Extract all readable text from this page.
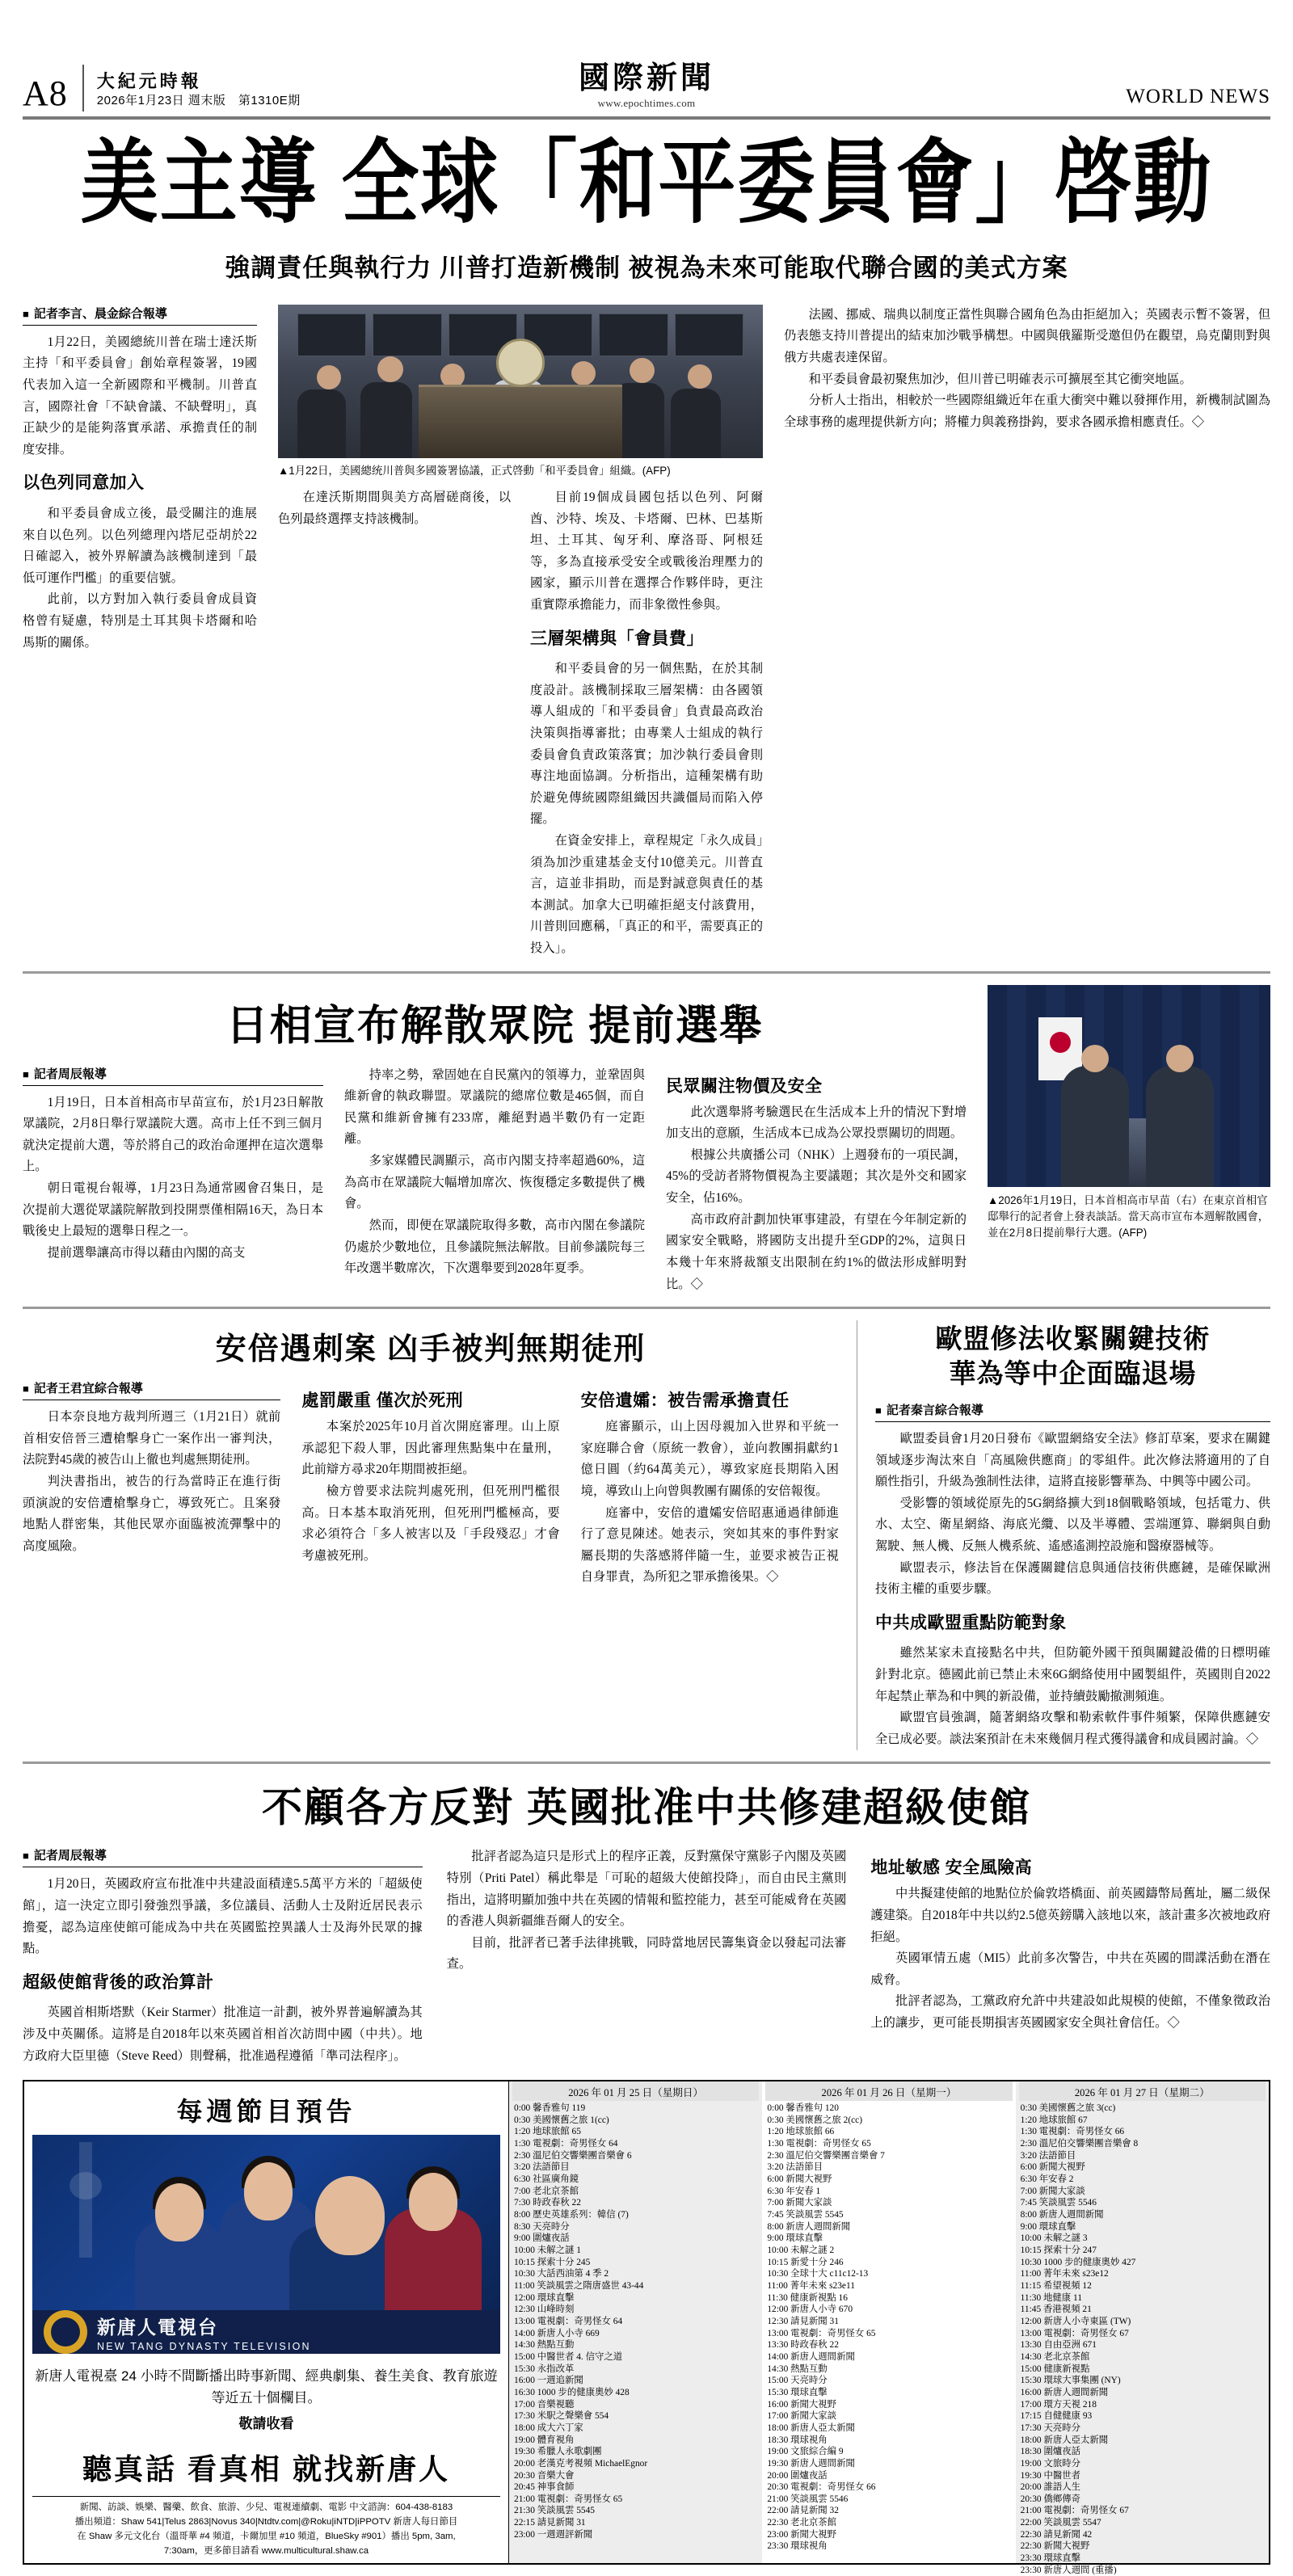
A8	大紀元時報
2026年1月23日 週末版　第1310E期
國際新聞
www.epochtimes.com	WORLD NEWS
美主導 全球「和平委員會」啓動
強調責任與執行力 川普打造新機制 被視為未來可能取代聯合國的美式方案
■ 記者李言、晨金綜合報導

1月22日，美國總統川普在瑞士達沃斯主持「和平委員會」創始章程簽署，19國代表加入這一全新國際和平機制。川普直言，國際社會「不缺會議、不缺聲明」，真正缺少的是能夠落實承諾、承擔責任的制度安排。

以色列同意加入

和平委員會成立後，最受關注的進展來自以色列。以色列總理內塔尼亞胡於22日確認入，被外界解讀為該機制達到「最低可運作門檻」的重要信號。

此前，以方對加入執行委員會成員資格曾有疑慮，特別是土耳其與卡塔爾和哈馬斯的關係。

▲1月22日，美國總统川普與多國簽署協議，正式啓動「和平委員會」組織。(AFP)

在達沃斯期間與美方高層磋商後，以色列最終選擇支持該機制。

目前19個成員國包括以色列、阿爾酋、沙特、埃及、卡塔爾、巴林、巴基斯坦、土耳其、匈牙利、摩洛哥、阿根廷等，多為直接承受安全或戰後治理壓力的國家，顯示川普在選擇合作夥伴時，更注重實際承擔能力，而非象徵性參與。

三層架構與「會員費」

和平委員會的另一個焦點，在於其制度設計。該機制採取三層架構：由各國領導人組成的「和平委員會」負責最高政治決策與指導審批；由專業人士組成的執行委員會負責政策落實；加沙執行委員會則專注地面協調。分析指出，這種架構有助於避免傳統國際組織因共識僵局而陷入停擺。

在資金安排上，章程規定「永久成員」須為加沙重建基金支付10億美元。川普直言，這並非捐助，而是對誠意與責任的基本測試。加拿大已明確拒絕支付該費用，川普則回應稱，「真正的和平，需要真正的投入」。

法國、挪威、瑞典以制度正當性與聯合國角色為由拒絕加入；英國表示暫不簽署，但仍表態支持川普提出的結束加沙戰爭構想。中國與俄羅斯受邀但仍在觀望，烏克蘭則對與俄方共處表達保留。

和平委員會最初聚焦加沙，但川普已明確表示可擴展至其它衝突地區。

分析人士指出，相較於一些國際組織近年在重大衝突中難以發揮作用，新機制試圖為全球事務的處理提供新方向；將權力與義務掛鈎，要求各國承擔相應責任。◇

日相宣布解散眾院 提前選舉
■ 記者周辰報導

1月19日，日本首相高市早苗宣布，於1月23日解散眾議院，2月8日舉行眾議院大選。高市上任不到三個月就決定提前大選，等於將自己的政治命運押在這次選舉上。

朝日電視台報導，1月23日為通常國會召集日，是次提前大選從眾議院解散到投開票僅相隔16天，為日本戰後史上最短的選舉日程之一。

提前選舉讓高市得以藉由內閣的高支

持率之勢，鞏固她在自民黨內的領導力，並鞏固與維新會的執政聯盟。眾議院的總席位數是465個，而自民黨和維新會擁有233席，離絕對過半數仍有一定距離。

多家媒體民調顯示，高市內閣支持率超過60%，這為高市在眾議院大幅增加席次、恢復穩定多數提供了機會。

然而，即便在眾議院取得多數，高市內閣在參議院仍處於少數地位，且參議院無法解散。目前參議院每三年改選半數席次，下次選舉要到2028年夏季。

民眾關注物價及安全

此次選舉將考驗選民在生活成本上升的情況下對增加支出的意願，生活成本已成為公眾投票關切的問題。

根據公共廣播公司（NHK）上週發布的一項民調，45%的受訪者將物價視為主要議題；其次是外交和國家安全，佔16%。

高市政府計劃加快軍事建設，有望在今年制定新的國家安全戰略，將國防支出提升至GDP的2%，這與日本幾十年來將裁額支出限制在約1%的做法形成鮮明對比。◇

▲2026年1月19日，日本首相高市早苗（右）在東京首相官邸舉行的記者會上發表談話。當天高市宣布本週解散國會，並在2月8日提前舉行大選。(AFP)
安倍遇刺案 凶手被判無期徒刑
■ 記者王君宜綜合報導

日本奈良地方裁判所週三（1月21日）就前首相安倍晉三遭槍擊身亡一案作出一審判決，法院對45歲的被告山上徹也判處無期徒刑。

判決書指出，被告的行為當時正在進行街頭演說的安倍遭槍擊身亡，導致死亡。且案發地點人群密集，其他民眾亦面臨被流彈擊中的高度風險。

處罰嚴重 僅次於死刑

本案於2025年10月首次開庭審理。山上原承認犯下殺人罪，因此審理焦點集中在量刑，此前辯方尋求20年期間被拒絕。

檢方曾要求法院判處死刑，但死刑門檻很高。日本基本取消死刑，但死刑門檻極高，要求必須符合「多人被害以及「手段殘忍」才會考慮被死刑。

安倍遺孀：被告需承擔責任

庭審顯示，山上因母親加入世界和平統一家庭聯合會（原統一教會），並向教團捐獻約1億日圓（約64萬美元），導致家庭長期陷入困境，導致山上向曾與教團有關係的安倍報復。

庭審中，安倍的遺孀安倍昭惠通過律師進行了意見陳述。她表示，突如其來的事件對家屬長期的失落感將伴隨一生，並要求被告正視自身罪責，為所犯之罪承擔後果。◇

歐盟修法收緊關鍵技術
華為等中企面臨退場
■ 記者秦言綜合報導

歐盟委員會1月20日發布《歐盟網絡安全法》修訂草案，要求在關鍵領域逐步淘汰來自「高風險供應商」的零組件。此次修法將適用的了自願性指引，升級為強制性法律，這將直接影響華為、中興等中國公司。

受影響的領域從原先的5G網絡擴大到18個戰略領域，包括電力、供水、太空、衛星網絡、海底光纜、以及半導體、雲端運算、聯網與自動駕駛、無人機、反無人機系統、遙感遙測控設施和醫療器械等。

歐盟表示，修法旨在保護關鍵信息與通信技術供應鏈，是確保歐洲技術主權的重要步驟。

中共成歐盟重點防範對象

雖然某家未直接點名中共，但防範外國干預與關鍵設備的日標明確針對北京。德國此前已禁止未來6G網絡使用中國製組件，英國則自2022年起禁止華為和中興的新設備，並持續鼓勵撤測頻進。

歐盟官員強調，隨著網絡攻擊和勒索軟件事件頻繁，保障供應鏈安全已成必要。談法案預計在未來幾個月程式獲得議會和成員國討論。◇

不顧各方反對 英國批准中共修建超級使館
■ 記者周辰報導

1月20日，英國政府宣布批准中共建設面積達5.5萬平方米的「超級使館」，這一決定立即引發強烈爭議，多位議員、活動人士及附近居民表示擔憂，認為這座使館可能成為中共在英國監控異議人士及海外民眾的據點。

超級使館背後的政治算計

英國首相斯塔默（Keir Starmer）批准這一計劃，被外界普遍解讀為其涉及中英關係。這將是自2018年以來英國首相首次訪問中國（中共）。地方政府大臣里德（Steve Reed）則聲稱，批准過程遵循「準司法程序」。

批評者認為這只是形式上的程序正義，反對黨保守黨影子內閣及英國特別（Priti Patel）稱此舉是「可恥的超級大使館投降」，而自由民主黨則指出，這將明顯加強中共在英國的情報和監控能力，甚至可能威脅在英國的香港人與新疆維吾爾人的安全。

目前，批評者已著手法律挑戰，同時當地居民籌集資金以發起司法審查。

地址敏感 安全風險高

中共擬建使館的地點位於倫敦塔橋面、前英國鑄幣局舊址，屬二級保護建築。自2018年中共以約2.5億英鎊購入該地以來，該計畫多次被地政府拒絕。

英國軍情五處（MI5）此前多次警告，中共在英國的間諜活動在潛在威脅。

批評者認為，工黨政府允許中共建設如此規模的使館，不僅象徵政治上的讓步，更可能長期損害英國國家安全與社會信任。◇

每週節目預告
新唐人電視台
NEW TANG DYNASTY TELEVISION
新唐人電視臺 24 小時不間斷播出時事新聞、經典劇集、養生美食、教育旅遊等近五十個欄目。
敬請收看
聽真話 看真相 就找新唐人
新聞、訪談、娛樂、醫藥、飲食、旅游、少兒、電視連續劇、電影 中文諮詢：604-438-8183
播出頻道：Shaw 541|Telus 2863|Novus 340|Ntdtv.com|@Roku|iNTD|iPPOTV 新唐人每日節目
在 Shaw 多元文化台（溫哥華 #4 頻道，卡爾加里 #10 頻道，BlueSky #901）播出 5pm, 3am,
7:30am，更多節目請看 www.multicultural.shaw.ca
2026 年 01 月 25 日（星期日）
0:00 馨香雅句 119
0:30 美國懷舊之旅 1(cc)
1:20 地球旅館 65
1:30 電視劇：奇男怪女 64
2:30 溫尼伯交響樂團音樂會 6
3:20 法語節目
6:30 社區廣角鏡
7:00 老北京茶館
7:30 時政春秋 22
8:00 歷史英雄系列：韓信 (7)
8:30 天亮時分
9:00 圍爐夜話
10:00 未解之謎 1
10:15 探索十分 245
10:30 大話西油第 4 季 2
11:00 笑談風雲之隋唐盛世 43-44
12:00 環球直擊
12:30 山峰時刻
13:00 電視劇：奇男怪女 64
14:00 新唐人小寺 669
14:30 熱點互動
15:00 中醫世者 4. 信守之道
15:30 永指改革
16:00 一週追新聞
16:30 1000 步的健康奧妙 428
17:00 音樂視聽
17:30 米駅之聲樂會 554
18:00 成大六丁家
19:00 體育視角
19:30 希臘人永歌劇團
20:00 老漢克考視頻 MichaelEgnor
20:30 音樂大會
20:45 神事食師
21:00 電視劇：奇男怪女 65
21:30 笑談風雲 5545
22:15 請見新聞 31
23:00 一週週評新聞
2026 年 01 月 26 日（星期一）
0:00 馨香雅句 120
0:30 美國懷舊之旅 2(cc)
1:20 地球旅館 66
1:30 電視劇：奇男怪女 65
2:30 溫尼伯交響樂團音樂會 7
3:20 法語節目
6:00 新聞大視野
6:30 年安春 1
7:00 新聞大家談
7:45 笑談風雲 5545
8:00 新唐人週間新聞
9:00 環球直擊
10:00 未解之謎 2
10:15 新愛十分 246
10:30 全球十大 c11c12-13
11:00 菁年未來 s23e11
11:30 健康新視點 16
12:00 新唐人小寺 670
12:30 請見新聞 31
13:00 電視劇：奇男怪女 65
13:30 時政春秋 22
14:00 新唐人週間新聞
14:30 熱點互動
15:00 天亮時分
15:30 環球直擊
16:00 新聞大視野
17:00 新聞大家談
18:00 新唐人亞太新聞
18:30 環球視角
19:00 文旅綜合編 9
19:30 新唐人週間新聞
20:00 圍爐夜話
20:30 電視劇：奇男怪女 66
21:00 笑談風雲 5546
22:00 請見新聞 32
22:30 老北京茶館
23:00 新聞大視野
23:30 環球視角
2026 年 01 月 27 日（星期二）
0:30 美國懷舊之旅 3(cc)
1:20 地球旅館 67
1:30 電視劇：奇男怪女 66
2:30 溫尼伯交響樂團音樂會 8
3:20 法語節目
6:00 新聞大視野
6:30 年安春 2
7:00 新聞大家談
7:45 笑談風雲 5546
8:00 新唐人週間新聞
9:00 環球直擊
10:00 未解之謎 3
10:15 探索十分 247
10:30 1000 步的健康奧妙 427
11:00 菁年未來 s23e12
11:15 希望視頻 12
11:30 地健康 11
11:45 香港視頻 21
12:00 新唐人小寺東區 (TW)
13:00 電視劇：奇男怪女 67
13:30 自由亞洲 671
14:30 老北京茶館
15:00 健康新視點
15:30 環球大事集團 (NY)
16:00 新唐人週間新聞
17:00 環方天視 218
17:15 自健健康 93
17:30 天亮時分
18:00 新唐人亞太新聞
18:30 圍爐夜話
19:00 文旅時分
19:30 中醫世者
20:00 誰語人生
20:30 僑鄉傳奇
21:00 電視劇：奇男怪女 67
22:00 笑談風雲 5547
22:30 請見新聞 42
22:30 新聞大視野
23:30 環球直擊
23:30 新唐人週間 (重播)
